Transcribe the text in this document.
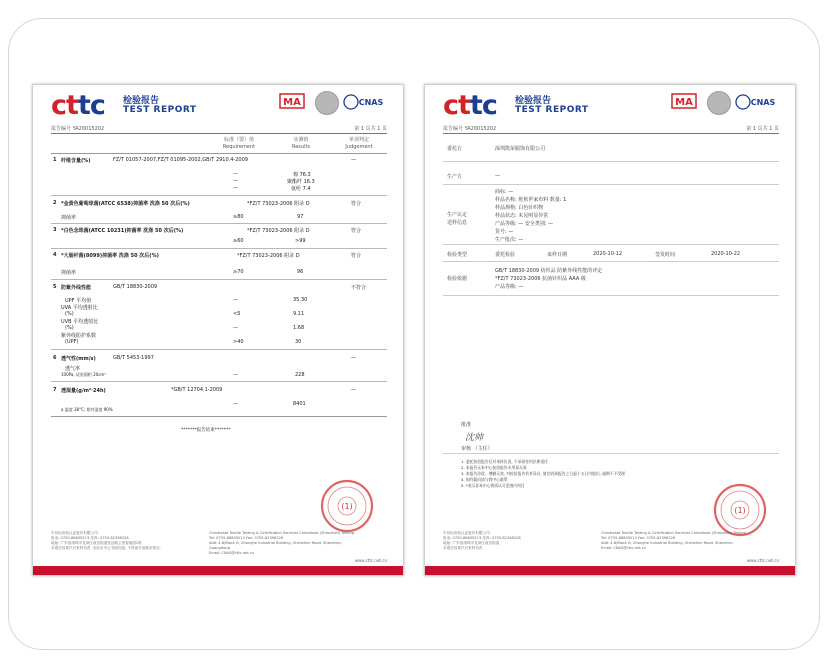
cttc 检验报告
TEST REPORT
MA	CNAS
报告编号 YA20015202	第 1 页共 1 页
标准（要）值
Requirement
实测值
Results
单项判定
Judgement
1 纤维含量(%)	FZ/T 01057-2007,FZ/T 01095-2002,GB/T 2910.4-2009	—
—	棉 76.3
—	聚酯纤 16.3
—	氨纶 7.4
2 *金黄色葡萄球菌(ATCC 6538)抑菌率 洗涤 50 次后(%)	*FZ/T 73023-2006 附录 D	符合
抑菌率	≥80	97
3 *白色念珠菌(ATCC 10231)抑菌率 洗涤 50 次后(%)	*FZ/T 73023-2006 附录 D	符合
≥60	>99
4 *大肠杆菌(8099)抑菌率 洗涤 50 次后(%)	*FZ/T 73023-2006 附录 D	符合
抑菌率	≥70	96
5 防紫外线性能	GB/T 18830-2009	不符合
UPF 平均值	—	35.30
UVA 平均透射比
(%)	<5	9.11
UVB 平均透射比
(%)	—	1.68
紫外线防护系数
(UPF)	>40	30
6 透气性(mm/s)	GB/T 5453-1997	—
透气率
100Pa, 试验面积 20cm²	—	228
7 透湿量(g/m²·24h)	*GB/T 12704.1-2009	—
—	8401
a 温度 38°C; 相对湿度 90%
*******报告结束*******
(1)
中纺标检验认证股份有限公司
电话: 0755-88609213 传真: 0755-82398226
地址: 广东省深圳市龙岗区坂田街道发达路云里智能园2栋
本报告结果只对来样负责. 未经本中心书面同意, 不得部分复制本报告.
Chinatesta Textile Testing & Certification Services Chinatesta (Shenzhen) Testing
Tel: 0755-88609213 Fax: 0755-82398226
Add: 4-8/Block B, Zhonghe Industrial Building, Shenzhen Road, Shenzhen, Guangdong
Email: CNAS@cttc.net.cn
www.cttc.net.cn
cttc 检验报告
TEST REPORT
MA	CNAS
报告编号 YA20015202	第 1 页共 1 页
委托方	深圳凯荣服饰有限公司
生产方	—
生产认定
送样信息
商标: —
样品名称: 蕉蕉世家布料 数量: 1
样品规格: 白色针织物
样品状态: 未见明显异常
产品等级: — 安全类别: —
货号: —
生产批次: —
检验类型	委托检验	来样日期	2020-10-12	签发时间	2020-10-22
检验依据
GB/T 18830-2009 纺织品 防紫外线性能的评定
*FZ/T 73023-2006 抗菌针织品 AAA 级
产品等级: —
批准
沈帅
审核 （主任）
1. 委托检验报告仅对来样负责, 不承担任何法律责任
2. 本报告无本中心检验报告专用章无效
3. 本报告涂改、增删无效, 对检验报告若有异议, 请在收到报告之日起十五日内提出, 逾期不予受理
4. 如有疑问请与我中心联系
5. *表示非本中心资质认可范围内项目
(1)
中纺标检验认证股份有限公司
电话: 0755-88609213 传真: 0755-82398226
地址: 广东省深圳市龙岗区坂田街道
本报告结果只对来样负责.
Chinatesta Textile Testing & Certification Services Chinatesta (Shenzhen) Testing
Tel: 0755-88609213 Fax: 0755-82398226
Add: 4-8/Block B, Zhonghe Industrial Building, Shenzhen Road, Shenzhen
Email: CNAS@cttc.net.cn
www.cttc.net.cn
